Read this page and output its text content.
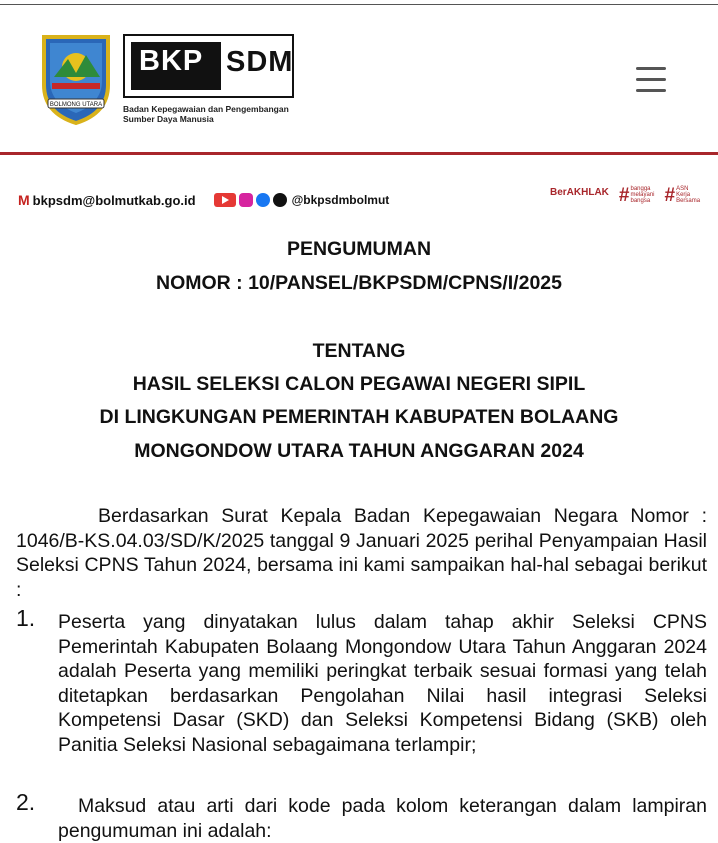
BOLMONG UTARA
BKP SDM
Badan Kepegawaian dan Pengembangan
Sumber Daya Manusia
M bkpsdm@bolmutkab.go.id	@bkpsdmbolmut
BerAKHLAK
# bangga
melayani
bangsa # ASN
Kerja
Bersama
PENGUMUMAN
NOMOR : 10/PANSEL/BKPSDM/CPNS/I/2025
TENTANG
HASIL SELEKSI CALON PEGAWAI NEGERI SIPIL
DI LINGKUNGAN PEMERINTAH KABUPATEN BOLAANG
MONGONDOW UTARA TAHUN ANGGARAN 2024
Berdasarkan Surat Kepala Badan Kepegawaian Negara Nomor : 1046/B-KS.04.03/SD/K/2025 tanggal 9 Januari 2025 perihal Penyampaian Hasil Seleksi CPNS Tahun 2024, bersama ini kami sampaikan hal-hal sebagai berikut :
1. Peserta yang dinyatakan lulus dalam tahap akhir Seleksi CPNS Pemerintah Kabupaten Bolaang Mongondow Utara Tahun Anggaran 2024 adalah Peserta yang memiliki peringkat terbaik sesuai formasi yang telah ditetapkan berdasarkan Pengolahan Nilai hasil integrasi Seleksi Kompetensi Dasar (SKD) dan Seleksi Kompetensi Bidang (SKB) oleh Panitia Seleksi Nasional sebagaimana terlampir;
2.	Maksud atau arti dari kode pada kolom keterangan dalam lampiran pengumuman ini adalah:
